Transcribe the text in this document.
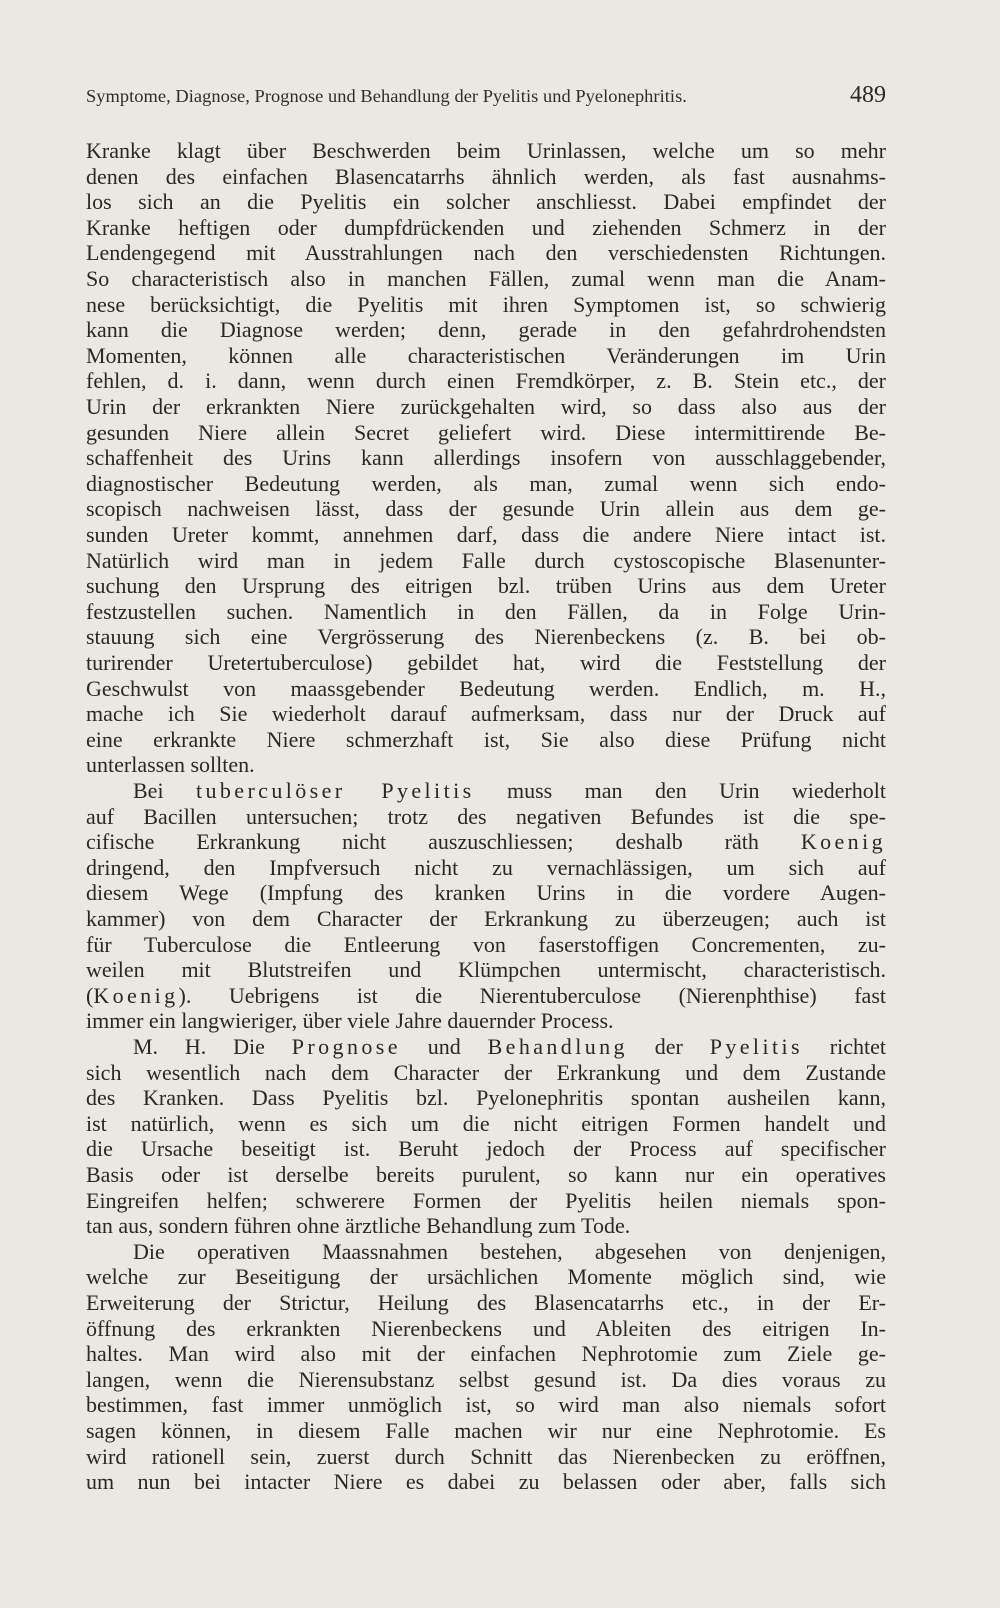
Symptome, Diagnose, Prognose und Behandlung der Pyelitis und Pyelonephritis.	489
Kranke klagt über Beschwerden beim Urinlassen, welche um so mehr
denen des einfachen Blasencatarrhs ähnlich werden, als fast ausnahms-
los sich an die Pyelitis ein solcher anschliesst. Dabei empfindet der
Kranke heftigen oder dumpfdrückenden und ziehenden Schmerz in der
Lendengegend mit Ausstrahlungen nach den verschiedensten Richtungen.
So characteristisch also in manchen Fällen, zumal wenn man die Anam-
nese berücksichtigt, die Pyelitis mit ihren Symptomen ist, so schwierig
kann die Diagnose werden; denn, gerade in den gefahrdrohendsten
Momenten, können alle characteristischen Veränderungen im Urin
fehlen, d. i. dann, wenn durch einen Fremdkörper, z. B. Stein etc., der
Urin der erkrankten Niere zurückgehalten wird, so dass also aus der
gesunden Niere allein Secret geliefert wird. Diese intermittirende Be-
schaffenheit des Urins kann allerdings insofern von ausschlaggebender,
diagnostischer Bedeutung werden, als man, zumal wenn sich endo-
scopisch nachweisen lässt, dass der gesunde Urin allein aus dem ge-
sunden Ureter kommt, annehmen darf, dass die andere Niere intact ist.
Natürlich wird man in jedem Falle durch cystoscopische Blasenunter-
suchung den Ursprung des eitrigen bzl. trüben Urins aus dem Ureter
festzustellen suchen. Namentlich in den Fällen, da in Folge Urin-
stauung sich eine Vergrösserung des Nierenbeckens (z. B. bei ob-
turirender Uretertuberculose) gebildet hat, wird die Feststellung der
Geschwulst von maassgebender Bedeutung werden. Endlich, m. H.,
mache ich Sie wiederholt darauf aufmerksam, dass nur der Druck auf
eine erkrankte Niere schmerzhaft ist, Sie also diese Prüfung nicht
unterlassen sollten.
Bei tuberculöser Pyelitis muss man den Urin wiederholt
auf Bacillen untersuchen; trotz des negativen Befundes ist die spe-
cifische Erkrankung nicht auszuschliessen; deshalb räth Koenig
dringend, den Impfversuch nicht zu vernachlässigen, um sich auf
diesem Wege (Impfung des kranken Urins in die vordere Augen-
kammer) von dem Character der Erkrankung zu überzeugen; auch ist
für Tuberculose die Entleerung von faserstoffigen Concrementen, zu-
weilen mit Blutstreifen und Klümpchen untermischt, characteristisch.
(Koenig). Uebrigens ist die Nierentuberculose (Nierenphthise) fast
immer ein langwieriger, über viele Jahre dauernder Process.
M. H. Die Prognose und Behandlung der Pyelitis richtet
sich wesentlich nach dem Character der Erkrankung und dem Zustande
des Kranken. Dass Pyelitis bzl. Pyelonephritis spontan ausheilen kann,
ist natürlich, wenn es sich um die nicht eitrigen Formen handelt und
die Ursache beseitigt ist. Beruht jedoch der Process auf specifischer
Basis oder ist derselbe bereits purulent, so kann nur ein operatives
Eingreifen helfen; schwerere Formen der Pyelitis heilen niemals spon-
tan aus, sondern führen ohne ärztliche Behandlung zum Tode.
Die operativen Maassnahmen bestehen, abgesehen von denjenigen,
welche zur Beseitigung der ursächlichen Momente möglich sind, wie
Erweiterung der Strictur, Heilung des Blasencatarrhs etc., in der Er-
öffnung des erkrankten Nierenbeckens und Ableiten des eitrigen In-
haltes. Man wird also mit der einfachen Nephrotomie zum Ziele ge-
langen, wenn die Nierensubstanz selbst gesund ist. Da dies voraus zu
bestimmen, fast immer unmöglich ist, so wird man also niemals sofort
sagen können, in diesem Falle machen wir nur eine Nephrotomie. Es
wird rationell sein, zuerst durch Schnitt das Nierenbecken zu eröffnen,
um nun bei intacter Niere es dabei zu belassen oder aber, falls sich
